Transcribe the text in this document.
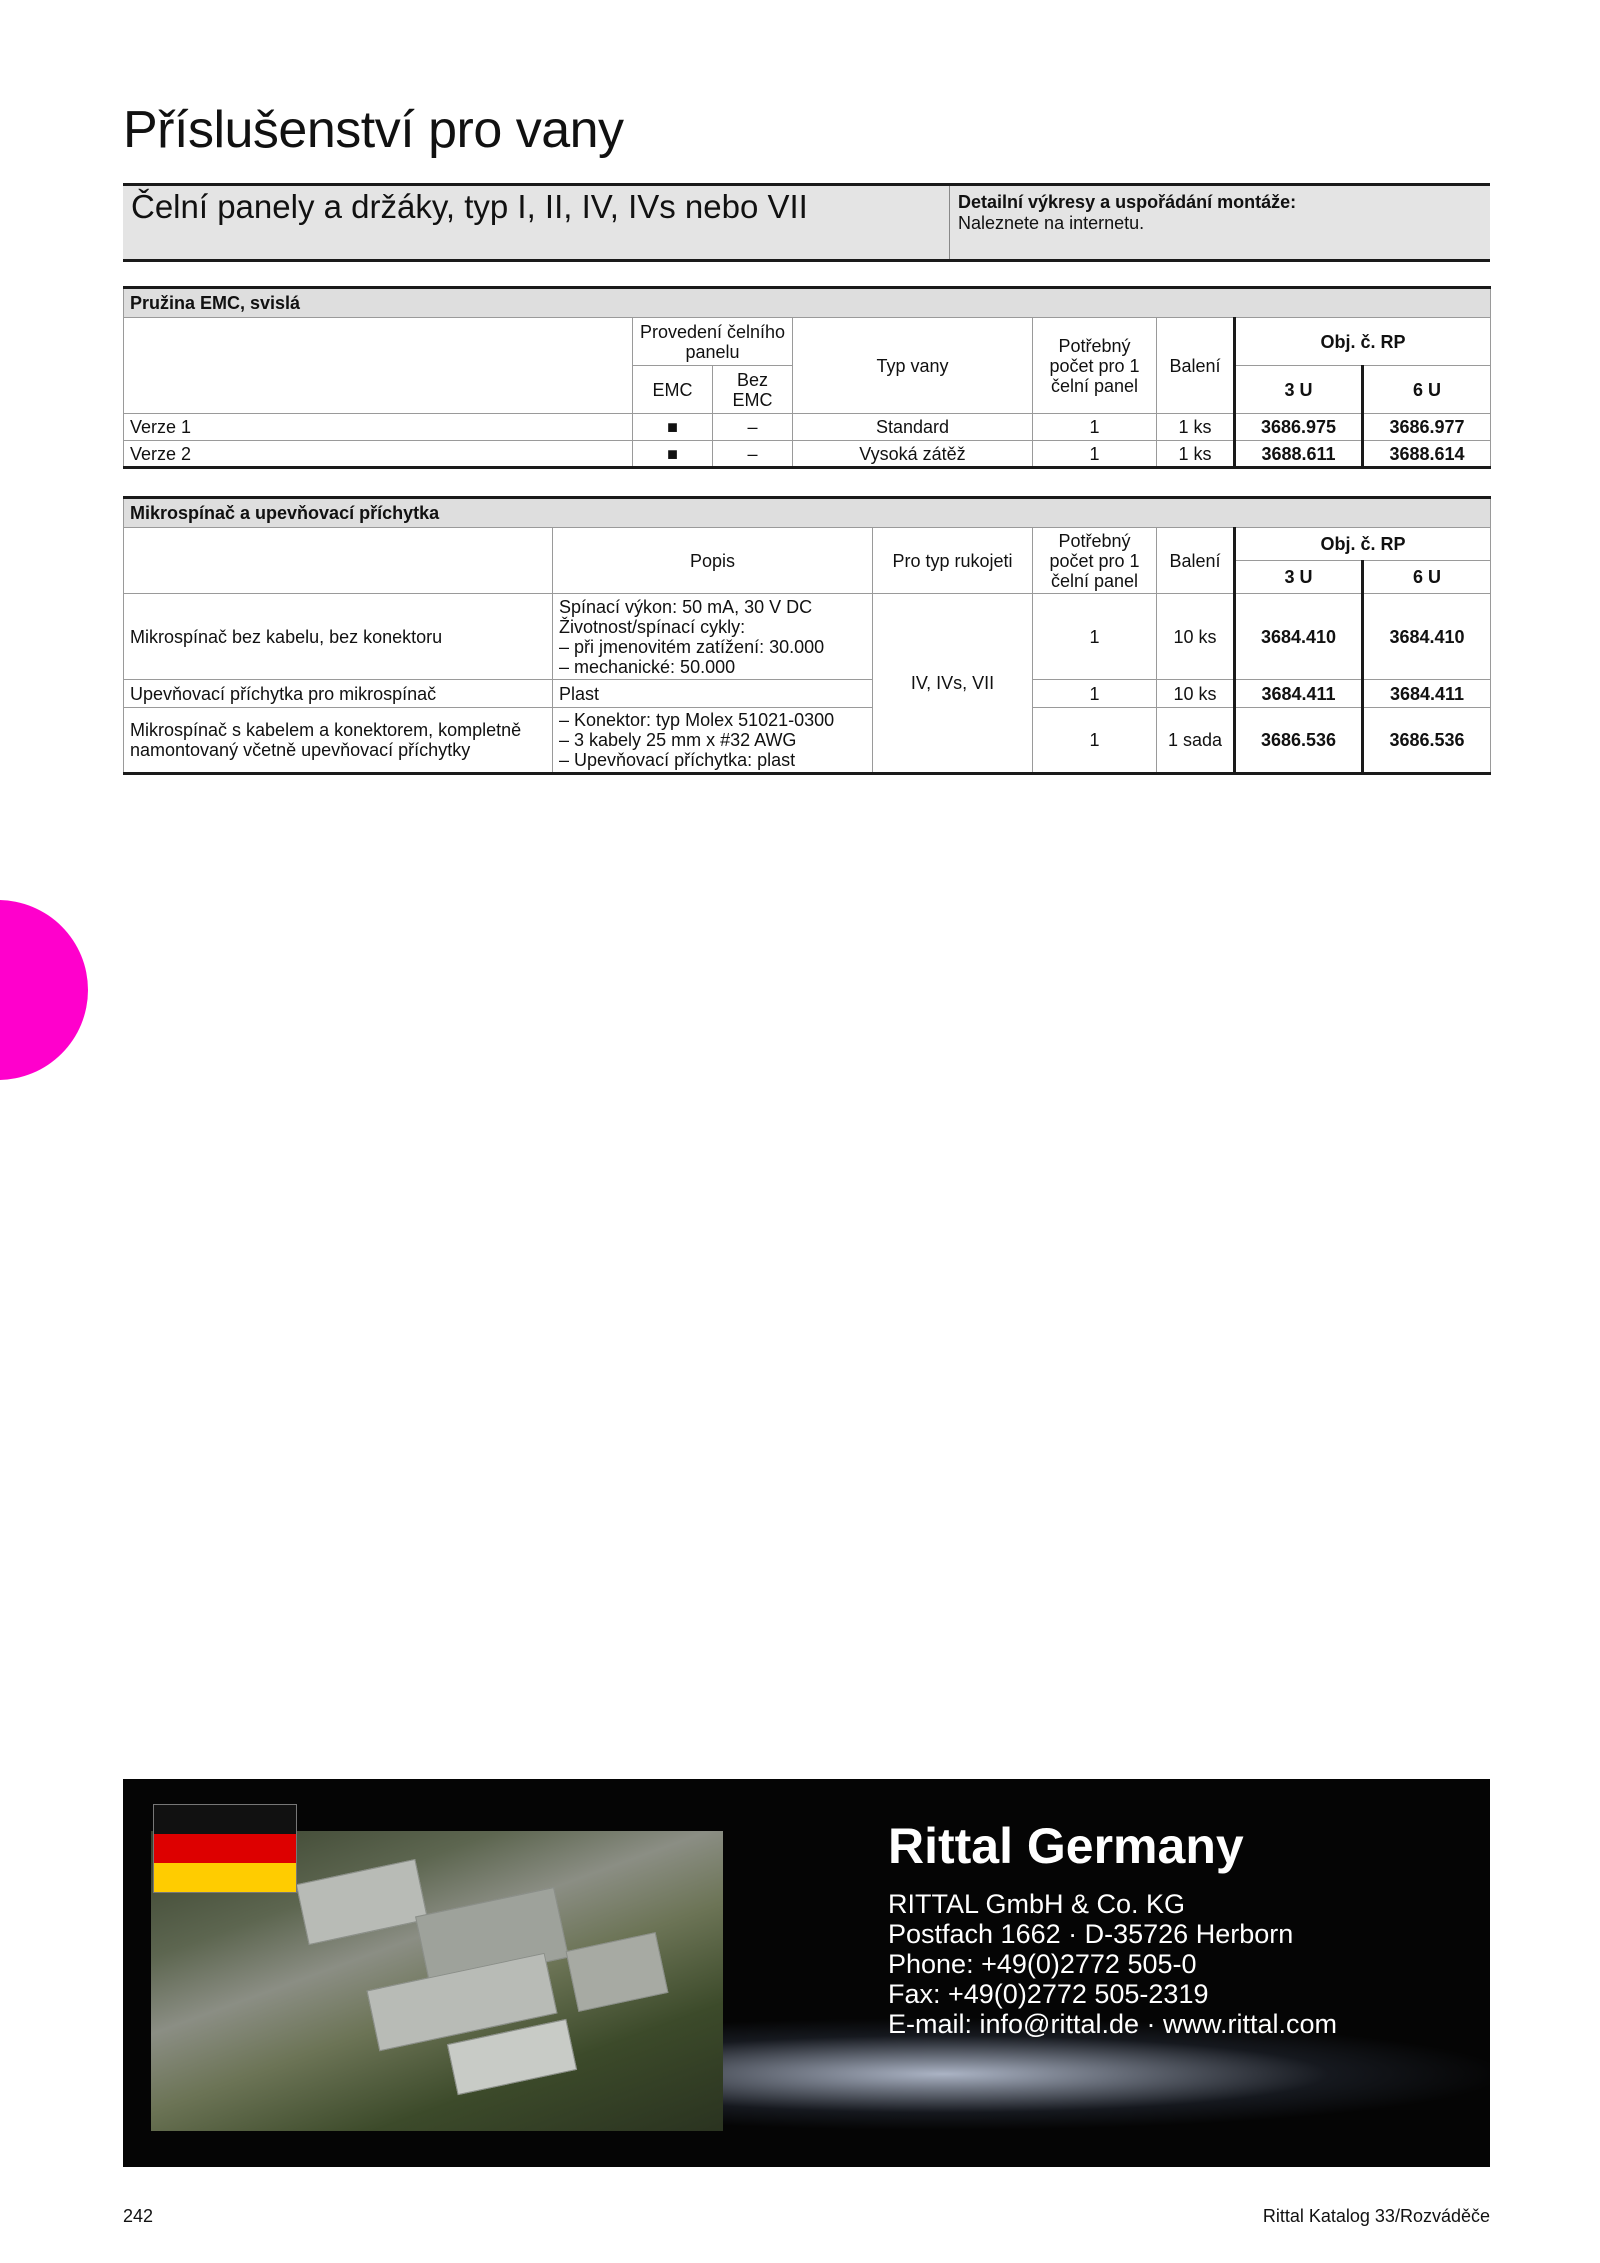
Příslušenství pro vany
Čelní panely a držáky, typ I, II, IV, IVs nebo VII	Detailní výkresy a uspořádání montáže:
Naleznete na internetu.
Pružina EMC, svislá							
	Provedení čelního panelu		Typ vany	Potřebný počet pro 1 čelní panel	Balení	Obj. č. RP	
	EMC	Bez EMC				3 U	6 U
Verze 1	■	–	Standard	1	1 ks	3686.975	3686.977
Verze 2	■	–	Vysoká zátěž	1	1 ks	3688.611	3688.614
Mikrospínač a upevňovací příchytka						
	Popis	Pro typ rukojeti	Potřebný počet pro 1 čelní panel	Balení	Obj. č. RP	
					3 U	6 U
Mikrospínač bez kabelu, bez konektoru	Spínací výkon: 50 mA, 30 V DC
Životnost/spínací cykly:
– při jmenovitém zatížení: 30.000
– mechanické: 50.000	IV, IVs, VII	1	10 ks	3684.410	3684.410
Upevňovací příchytka pro mikrospínač	Plast		1	10 ks	3684.411	3684.411
Mikrospínač s kabelem a konektorem, kompletně namontovaný včetně upevňovací příchytky	– Konektor: typ Molex 51021-0300
– 3 kabely 25 mm x #32 AWG
– Upevňovací příchytka: plast		1	1 sada	3686.536	3686.536
Rittal Germany
RITTAL GmbH & Co. KG
Postfach 1662 · D-35726 Herborn
Phone: +49(0)2772 505-0
Fax: +49(0)2772 505-2319
E-mail: info@rittal.de · www.rittal.com
242	Rittal Katalog 33/Rozváděče
